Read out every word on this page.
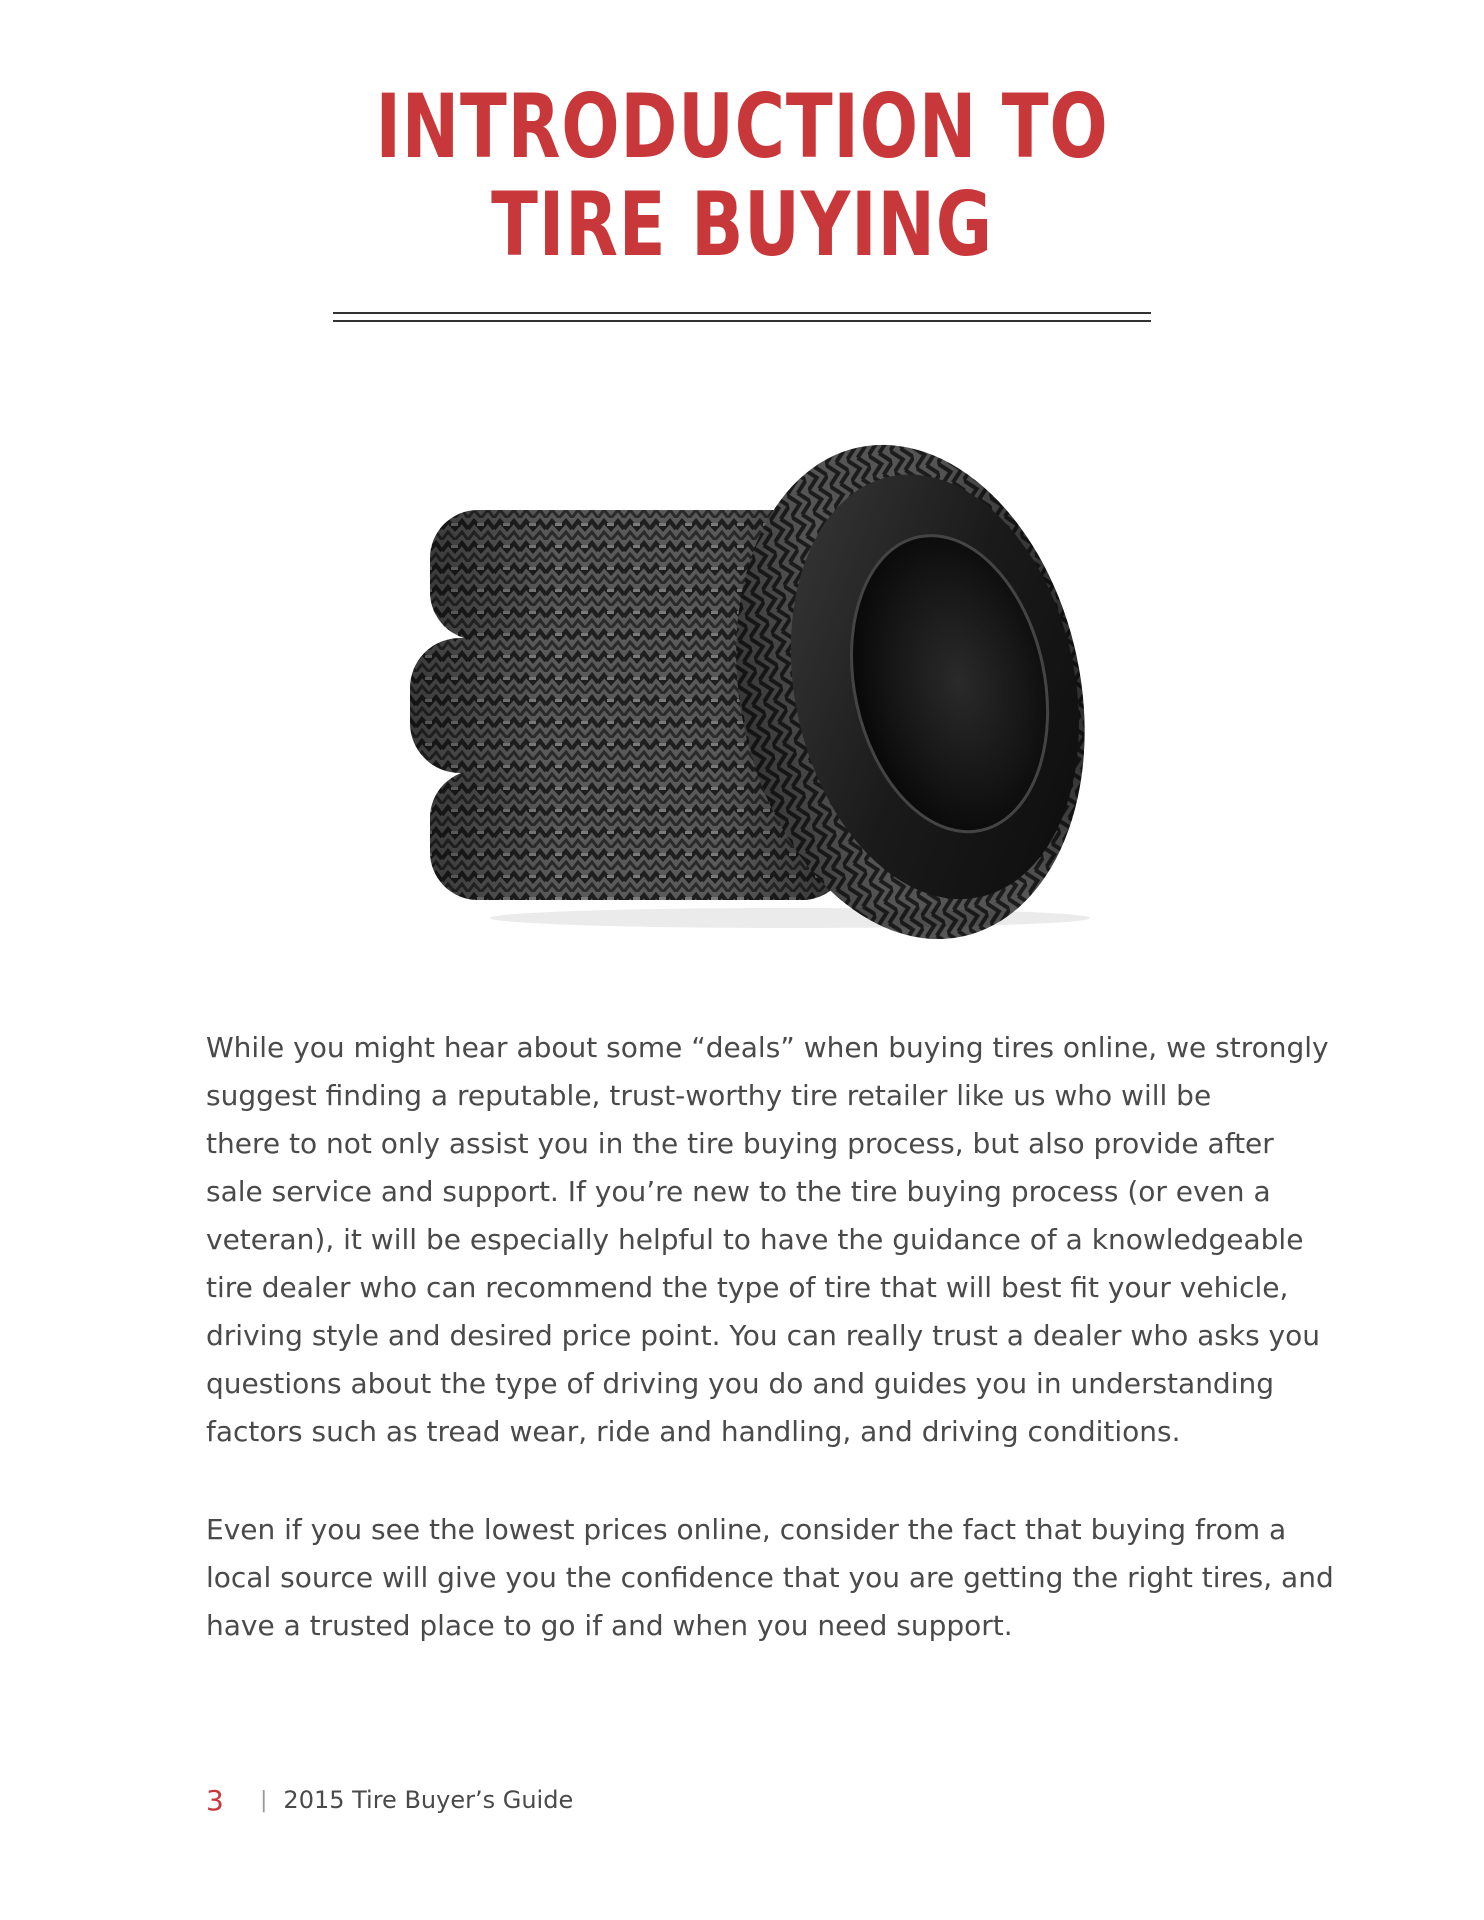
INTRODUCTION TO
TIRE BUYING

While you might hear about some “deals” when buying tires online, we strongly
suggest finding a reputable, trust-worthy tire retailer like us who will be
there to not only assist you in the tire buying process, but also provide after
sale service and support. If you’re new to the tire buying process (or even a
veteran), it will be especially helpful to have the guidance of a knowledgeable
tire dealer who can recommend the type of tire that will best fit your vehicle,
driving style and desired price point. You can really trust a dealer who asks you
questions about the type of driving you do and guides you in understanding
factors such as tread wear, ride and handling, and driving conditions.

Even if you see the lowest prices online, consider the fact that buying from a
local source will give you the confidence that you are getting the right tires, and
have a trusted place to go if and when you need support.

3	| 2015 Tire Buyer’s Guide
